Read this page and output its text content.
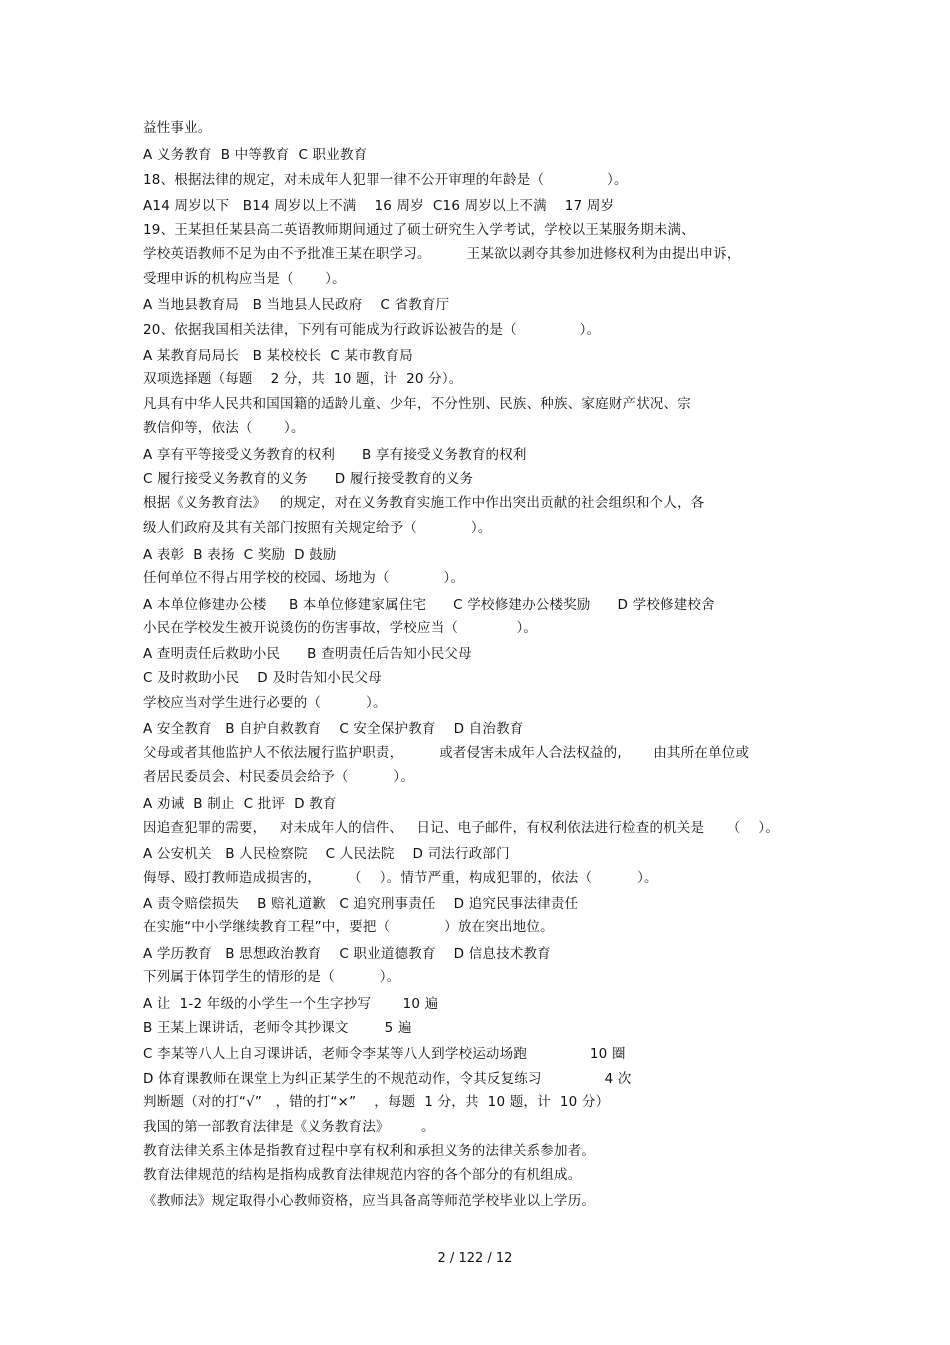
益性事业。
A 义务教育  B 中等教育  C 职业教育
18、根据法律的规定，对未成年人犯罪一律不公开审理的年龄是（              ）。
A14 周岁以下   B14 周岁以上不满    16 周岁  C16 周岁以上不满    17 周岁
19、王某担任某县高二英语教师期间通过了硕士研究生入学考试，学校以王某服务期未满、
学校英语教师不足为由不予批准王某在职学习。        王某欲以剥夺其参加进修权利为由提出申诉，
受理申诉的机构应当是（       ）。
A 当地县教育局   B 当地县人民政府    C 省教育厅
20、依据我国相关法律，下列有可能成为行政诉讼被告的是（              ）。
A 某教育局局长   B 某校校长  C 某市教育局
双项选择题（每题    2 分，共  10 题，计  20 分）。
凡具有中华人民共和国国籍的适龄儿童、少年，不分性别、民族、种族、家庭财产状况、宗
教信仰等，依法（       ）。
A 享有平等接受义务教育的权利      B 享有接受义务教育的权利
C 履行接受义务教育的义务      D 履行接受教育的义务
根据《义务教育法》   的规定，对在义务教育实施工作中作出突出贡献的社会组织和个人，各
级人们政府及其有关部门按照有关规定给予（            ）。
A 表彰  B 表扬  C 奖励  D 鼓励
任何单位不得占用学校的校园、场地为（            ）。
A 本单位修建办公楼     B 本单位修建家属住宅      C 学校修建办公楼奖励      D 学校修建校舍
小民在学校发生被开说烫伤的伤害事故，学校应当（             ）。
A 查明责任后救助小民      B 查明责任后告知小民父母
C 及时救助小民    D 及时告知小民父母
学校应当对学生进行必要的（          ）。
A 安全教育   B 自护自救教育    C 安全保护教育    D 自治教育
父母或者其他监护人不依法履行监护职责，        或者侵害未成年人合法权益的,       由其所在单位或
者居民委员会、村民委员会给予（          ）。
A 劝诫  B 制止  C 批评  D 教育
因追查犯罪的需要，   对未成年人的信件、   日记、电子邮件，有权利依法进行检查的机关是     （    ）。
A 公安机关   B 人民检察院    C 人民法院    D 司法行政部门
侮辱、殴打教师造成损害的，      （    ）。情节严重，构成犯罪的，依法（          ）。
A 责令赔偿损失    B 赔礼道歉   C 追究刑事责任    D 追究民事法律责任
在实施“中小学继续教育工程”中，要把（            ）放在突出地位。
A 学历教育   B 思想政治教育    C 职业道德教育    D 信息技术教育
下列属于体罚学生的情形的是（          ）。
A 让  1-2 年级的小学生一个生字抄写       10 遍
B 王某上课讲话，老师令其抄课文        5 遍
C 李某等八人上自习课讲话，老师令李某等八人到学校运动场跑              10 圈
D 体育课教师在课堂上为纠正某学生的不规范动作，令其反复练习              4 次
判断题（对的打“√”   ，错的打“×”    ，每题  1 分，共  10 题，计  10 分）
我国的第一部教育法律是《义务教育法》       。
教育法律关系主体是指教育过程中享有权利和承担义务的法律关系参加者。
教育法律规范的结构是指构成教育法律规范内容的各个部分的有机组成。
《教师法》规定取得小心教师资格，应当具备高等师范学校毕业以上学历。
2 / 122 / 12
